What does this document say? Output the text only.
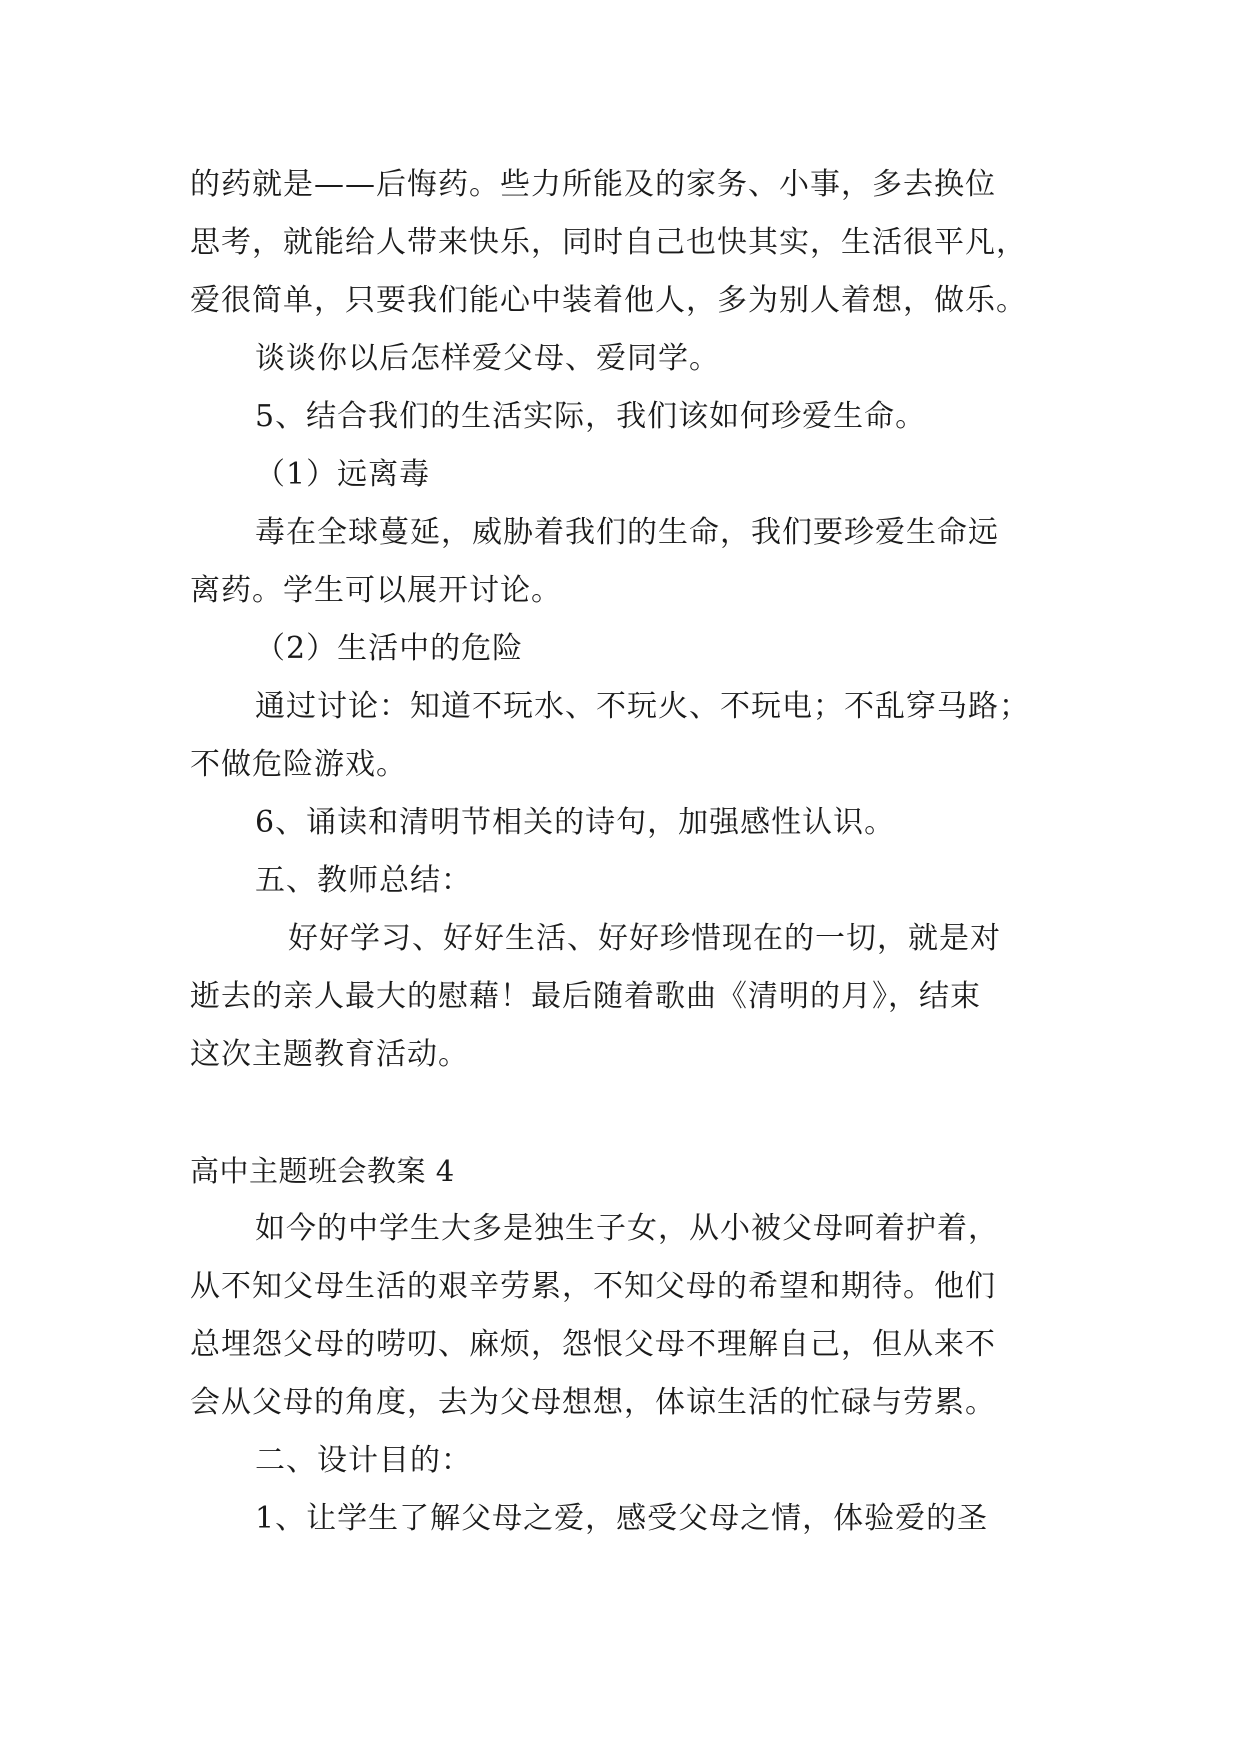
的药就是——后悔药。些力所能及的家务、小事，多去换位
思考，就能给人带来快乐，同时自己也快其实，生活很平凡，
爱很简单，只要我们能心中装着他人，多为别人着想，做乐。
谈谈你以后怎样爱父母、爱同学。
5、结合我们的生活实际，我们该如何珍爱生命。
（1）远离毒
毒在全球蔓延，威胁着我们的生命，我们要珍爱生命远
离药。学生可以展开讨论。
（2）生活中的危险
通过讨论：知道不玩水、不玩火、不玩电；不乱穿马路；
不做危险游戏。
6、诵读和清明节相关的诗句，加强感性认识。
五、教师总结：
好好学习、好好生活、好好珍惜现在的一切，就是对
逝去的亲人最大的慰藉！最后随着歌曲《清明的月》，结束
这次主题教育活动。
高中主题班会教案 4
如今的中学生大多是独生子女，从小被父母呵着护着，
从不知父母生活的艰辛劳累，不知父母的希望和期待。他们
总埋怨父母的唠叨、麻烦，怨恨父母不理解自己，但从来不
会从父母的角度，去为父母想想，体谅生活的忙碌与劳累。
二、设计目的：
1、让学生了解父母之爱，感受父母之情，体验爱的圣
